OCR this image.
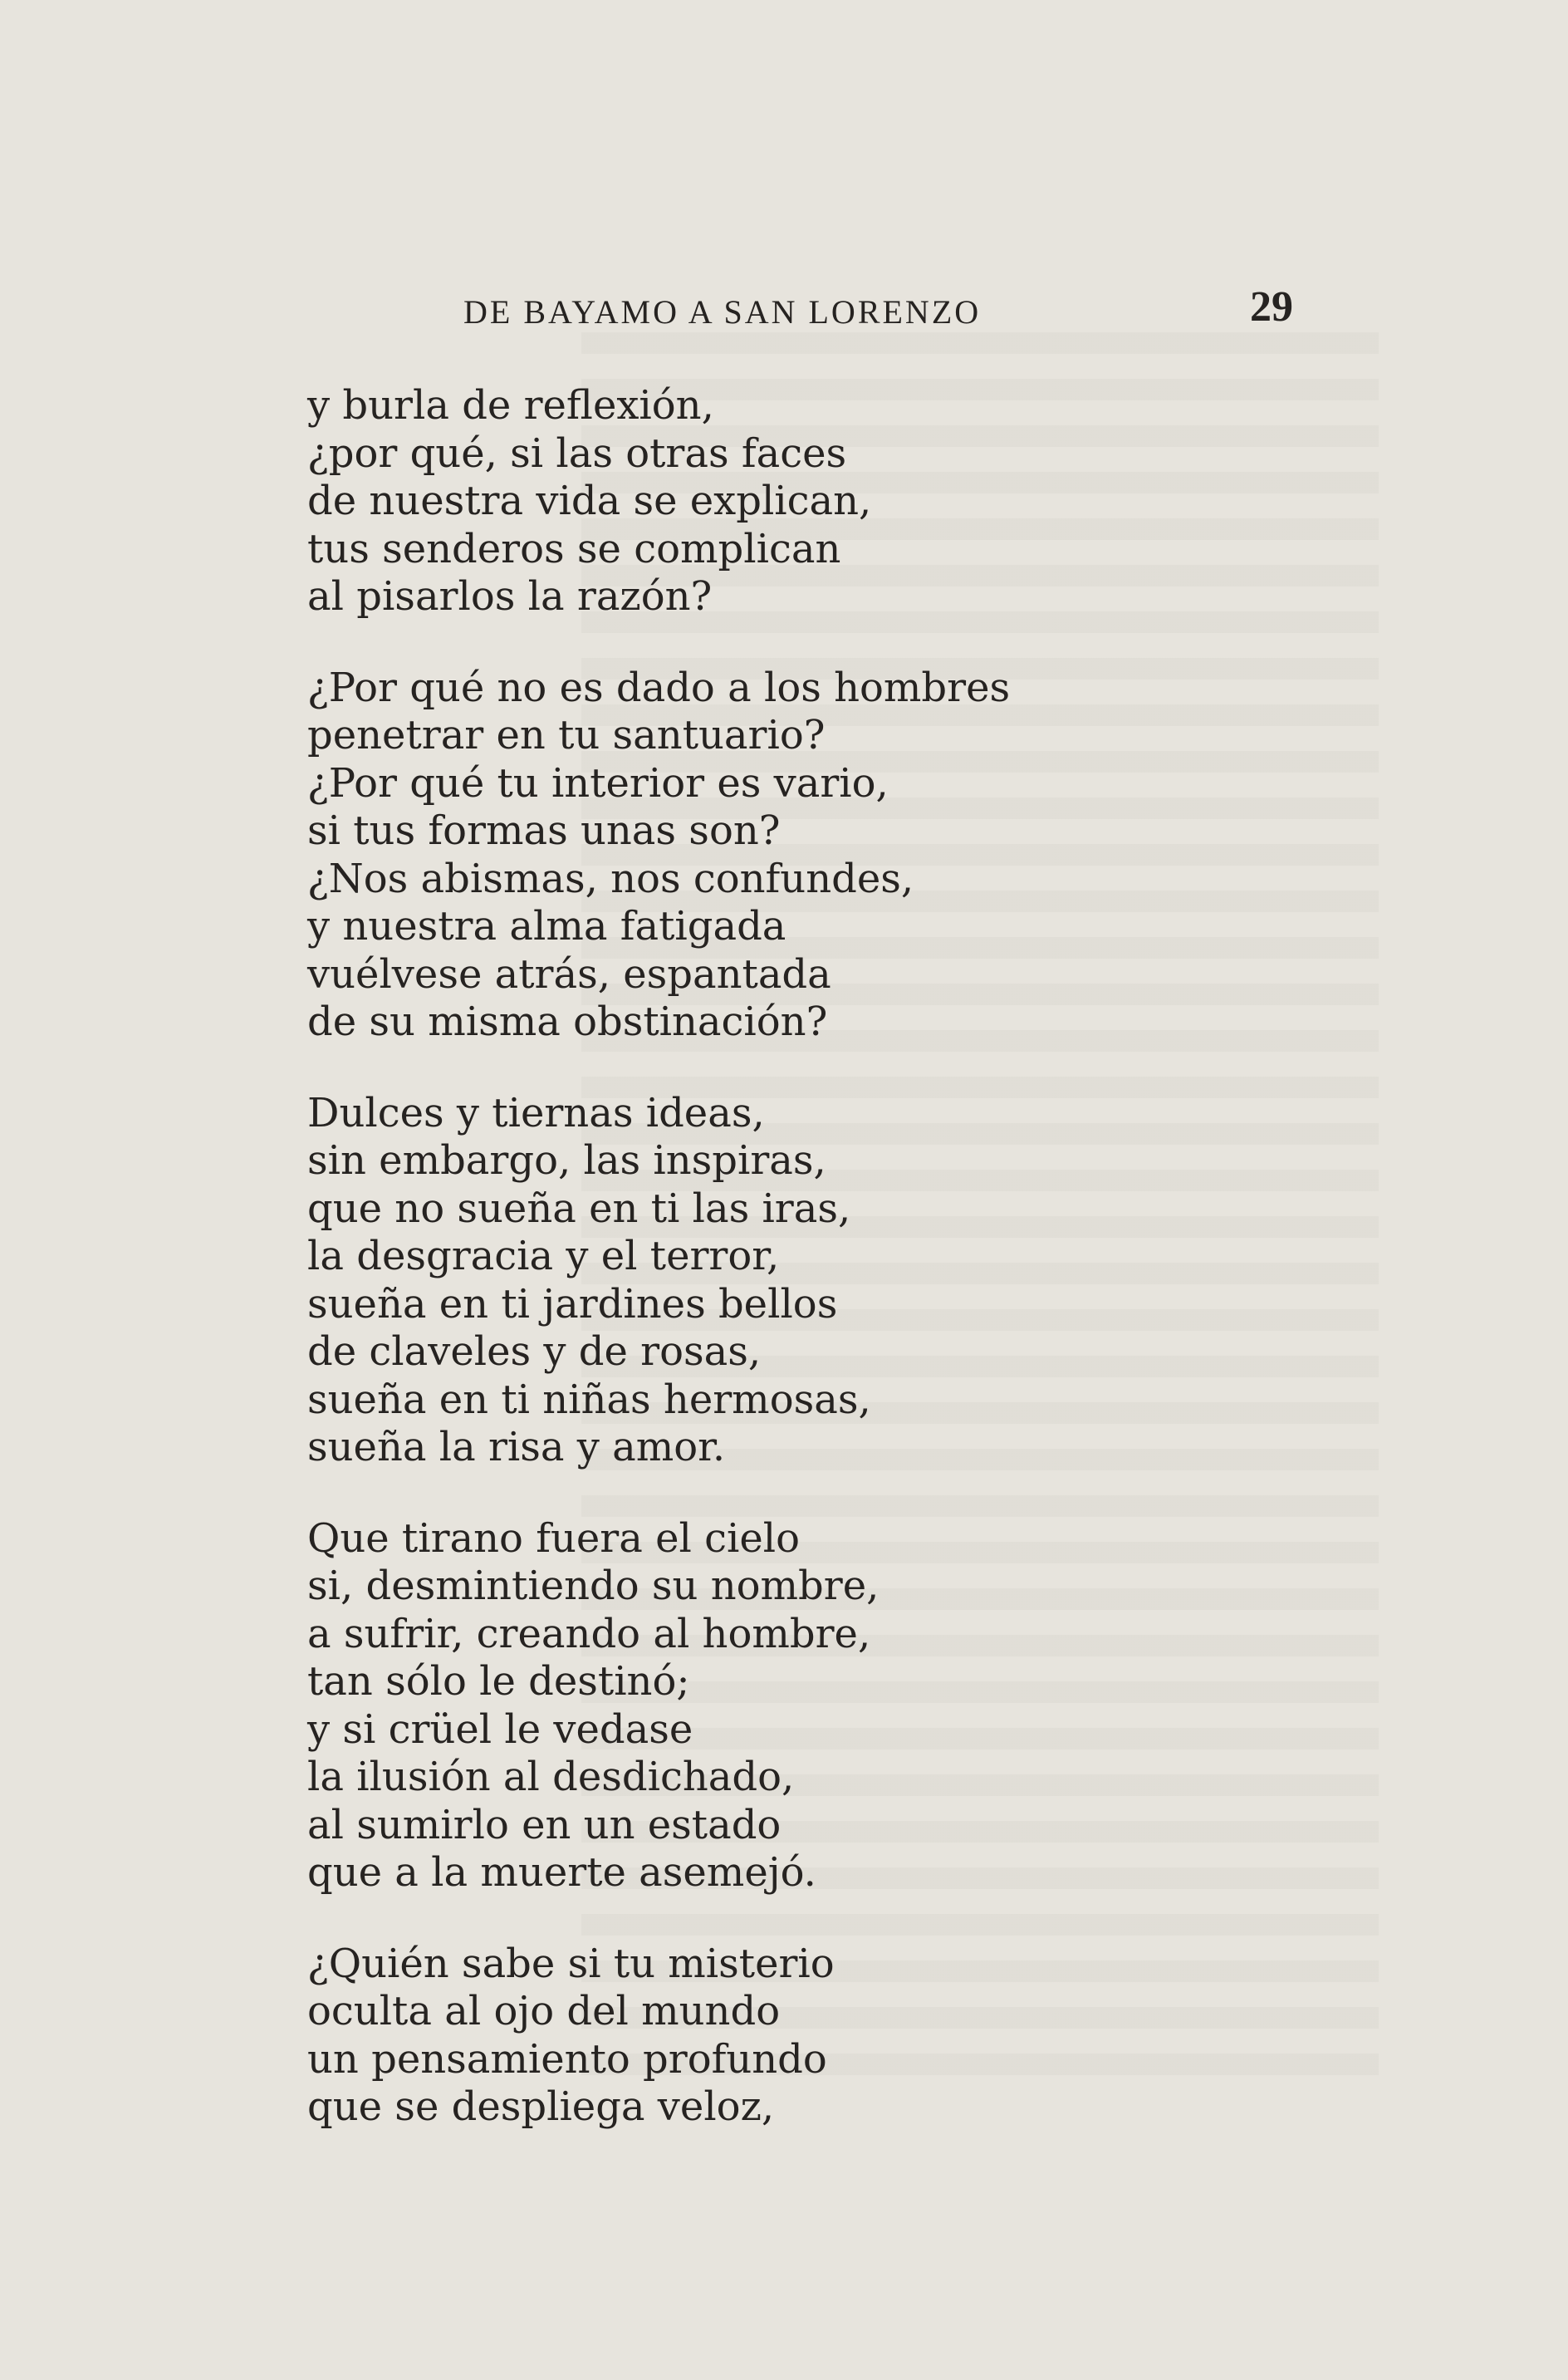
DE BAYAMO A SAN LORENZO	29
y burla de reflexión,
¿por qué, si las otras faces
de nuestra vida se explican,
tus senderos se complican
al pisarlos la razón?
¿Por qué no es dado a los hombres
penetrar en tu santuario?
¿Por qué tu interior es vario,
si tus formas unas son?
¿Nos abismas, nos confundes,
y nuestra alma fatigada
vuélvese atrás, espantada
de su misma obstinación?
Dulces y tiernas ideas,
sin embargo, las inspiras,
que no sueña en ti las iras,
la desgracia y el terror,
sueña en ti jardines bellos
de claveles y de rosas,
sueña en ti niñas hermosas,
sueña la risa y amor.
Que tirano fuera el cielo
si, desmintiendo su nombre,
a sufrir, creando al hombre,
tan sólo le destinó;
y si crüel le vedase
la ilusión al desdichado,
al sumirlo en un estado
que a la muerte asemejó.
¿Quién sabe si tu misterio
oculta al ojo del mundo
un pensamiento profundo
que se despliega veloz,
